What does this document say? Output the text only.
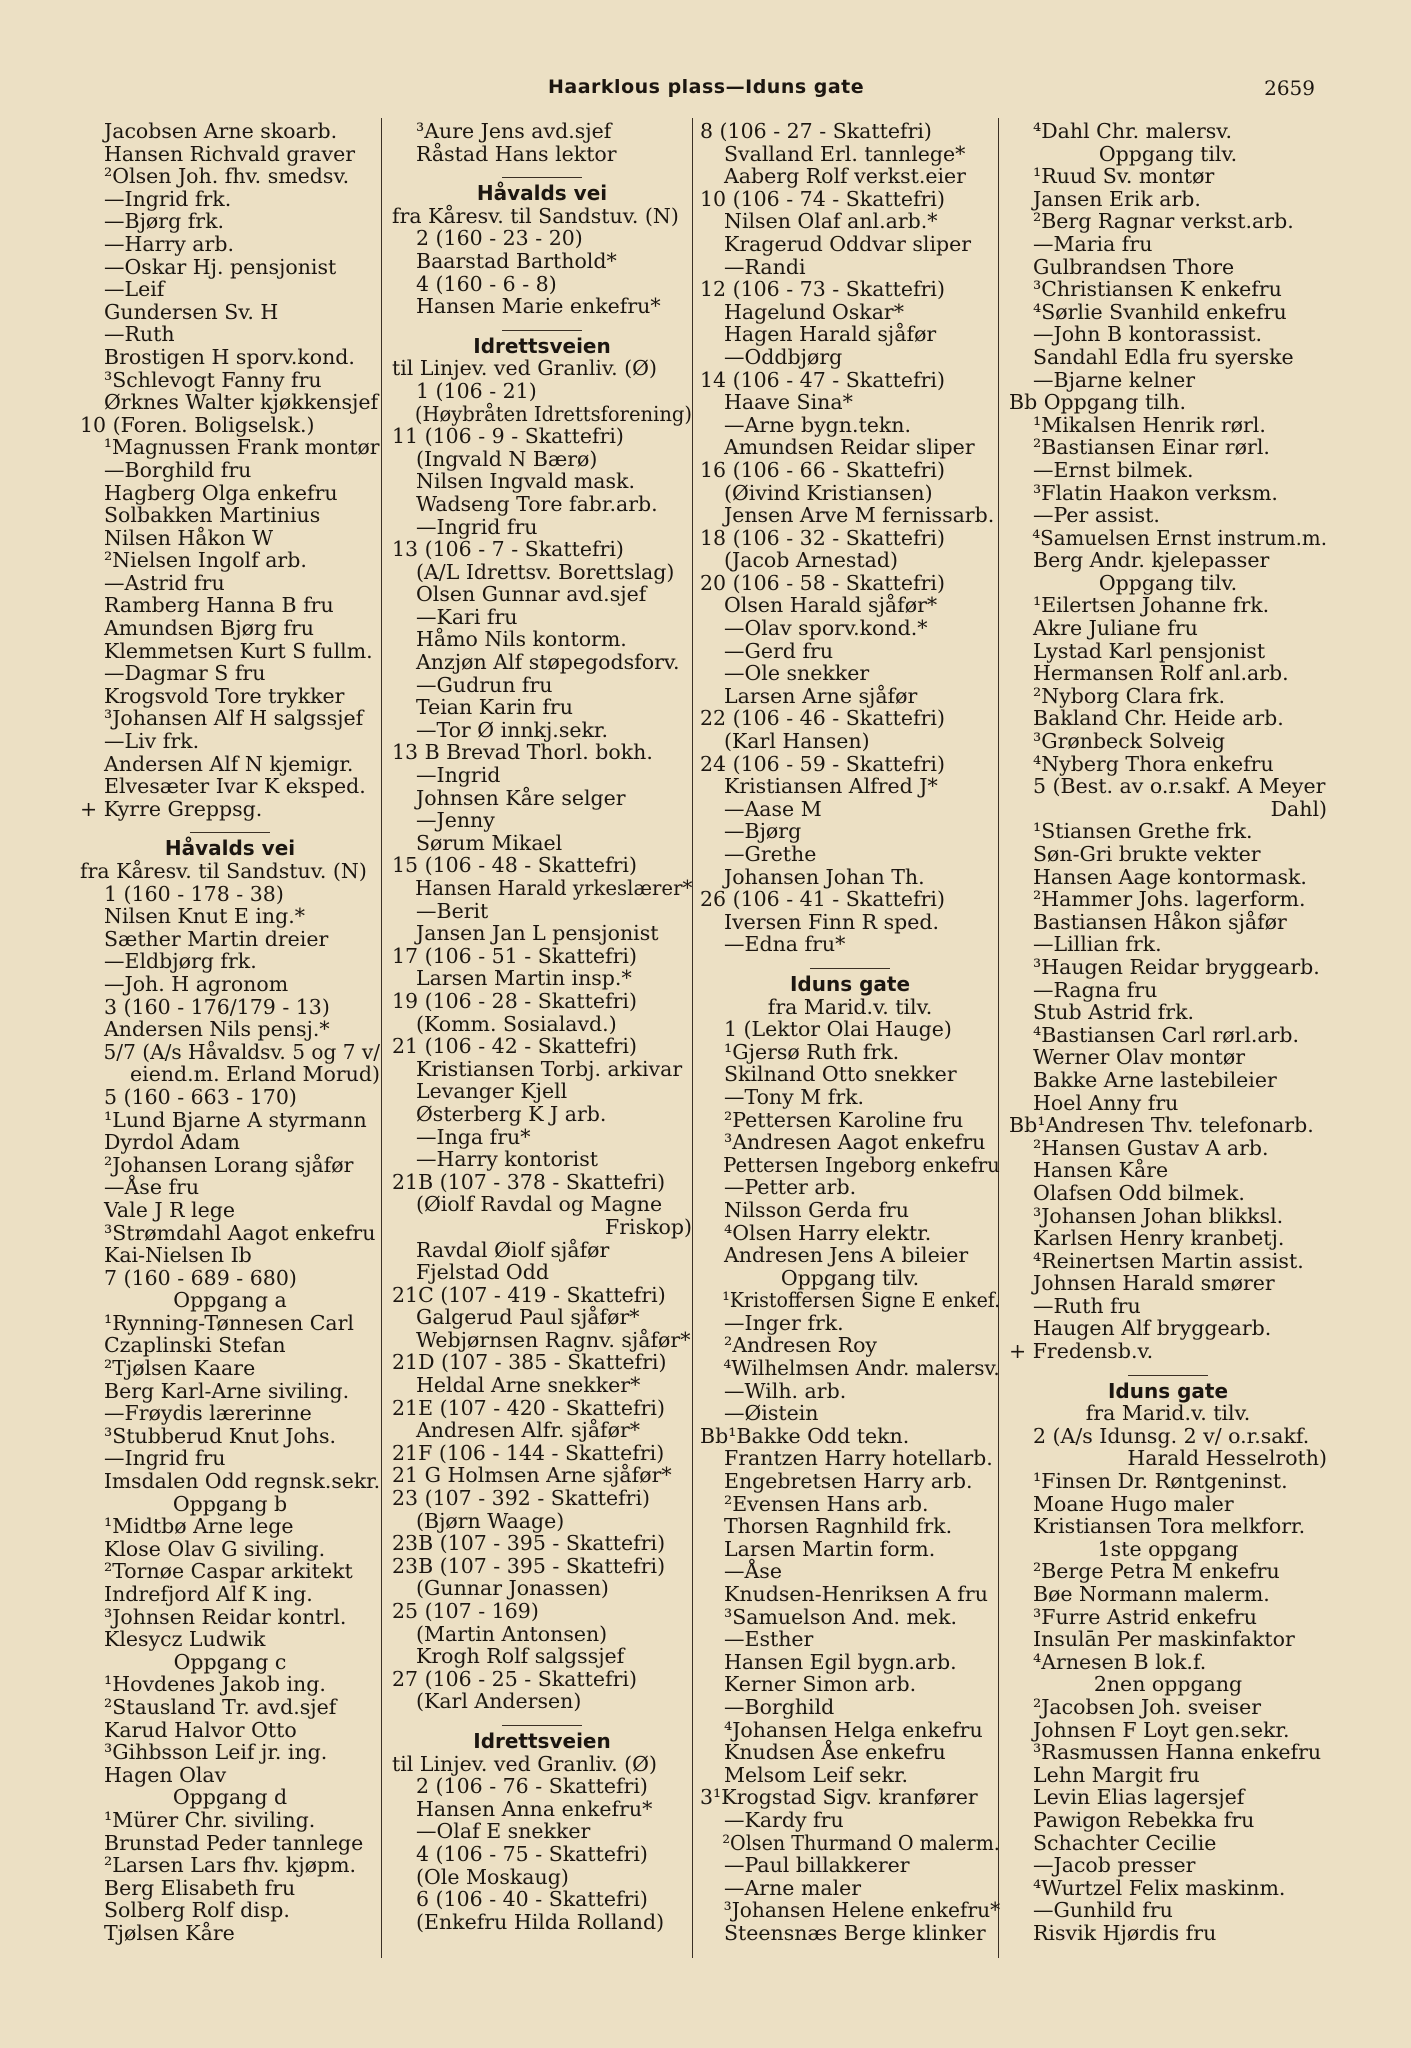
Haarklous plass—Iduns gate	2659
Jacobsen Arne skoarb.
Hansen Richvald graver
²Olsen Joh. fhv. smedsv.
—Ingrid frk.
—Bjørg frk.
—Harry arb.
—Oskar Hj. pensjonist
—Leif
Gundersen Sv. H
—Ruth
Brostigen H sporv.kond.
³Schlevogt Fanny fru
Ørknes Walter kjøkkensjef
10 (Foren. Boligselsk.)
¹Magnussen Frank montør
—Borghild fru
Hagberg Olga enkefru
Solbakken Martinius
Nilsen Håkon W
²Nielsen Ingolf arb.
—Astrid fru
Ramberg Hanna B fru
Amundsen Bjørg fru
Klemmetsen Kurt S fullm.
—Dagmar S fru
Krogsvold Tore trykker
³Johansen Alf H salgssjef
—Liv frk.
Andersen Alf N kjemigr.
Elvesæter Ivar K eksped.
+ Kyrre Greppsg.
Håvalds vei
fra Kåresv. til Sandstuv. (N)
1 (160 - 178 - 38)
Nilsen Knut E ing.*
Sæther Martin dreier
—Eldbjørg frk.
—Joh. H agronom
3 (160 - 176/179 - 13)
Andersen Nils pensj.*
5/7 (A/s Håvaldsv. 5 og 7 v/
eiend.m. Erland Morud)
5 (160 - 663 - 170)
¹Lund Bjarne A styrmann
Dyrdol Adam
²Johansen Lorang sjåfør
—Åse fru
Vale J R lege
³Strømdahl Aagot enkefru
Kai-Nielsen Ib
7 (160 - 689 - 680)
Oppgang a
¹Rynning-Tønnesen Carl
Czaplinski Stefan
²Tjølsen Kaare
Berg Karl-Arne siviling.
—Frøydis lærerinne
³Stubberud Knut Johs.
—Ingrid fru
Imsdalen Odd regnsk.sekr.
Oppgang b
¹Midtbø Arne lege
Klose Olav G siviling.
²Tornøe Caspar arkitekt
Indrefjord Alf K ing.
³Johnsen Reidar kontrl.
Klesycz Ludwik
Oppgang c
¹Hovdenes Jakob ing.
²Stausland Tr. avd.sjef
Karud Halvor Otto
³Gihbsson Leif jr. ing.
Hagen Olav
Oppgang d
¹Mürer Chr. siviling.
Brunstad Peder tannlege
²Larsen Lars fhv. kjøpm.
Berg Elisabeth fru
Solberg Rolf disp.
Tjølsen Kåre
³Aure Jens avd.sjef
Råstad Hans lektor
Håvalds vei
fra Kåresv. til Sandstuv. (N)
2 (160 - 23 - 20)
Baarstad Barthold*
4 (160 - 6 - 8)
Hansen Marie enkefru*
Idrettsveien
til Linjev. ved Granliv. (Ø)
1 (106 - 21)
(Høybråten Idrettsforening)
11 (106 - 9 - Skattefri)
(Ingvald N Bærø)
Nilsen Ingvald mask.
Wadseng Tore fabr.arb.
—Ingrid fru
13 (106 - 7 - Skattefri)
(A/L Idrettsv. Borettslag)
Olsen Gunnar avd.sjef
—Kari fru
Håmo Nils kontorm.
Anzjøn Alf støpegodsforv.
—Gudrun fru
Teian Karin fru
—Tor Ø innkj.sekr.
13 B Brevad Thorl. bokh.
—Ingrid
Johnsen Kåre selger
—Jenny
Sørum Mikael
15 (106 - 48 - Skattefri)
Hansen Harald yrkeslærer*
—Berit
Jansen Jan L pensjonist
17 (106 - 51 - Skattefri)
Larsen Martin insp.*
19 (106 - 28 - Skattefri)
(Komm. Sosialavd.)
21 (106 - 42 - Skattefri)
Kristiansen Torbj. arkivar
Levanger Kjell
Østerberg K J arb.
—Inga fru*
—Harry kontorist
21B (107 - 378 - Skattefri)
(Øiolf Ravdal og Magne
Friskop)
Ravdal Øiolf sjåfør
Fjelstad Odd
21C (107 - 419 - Skattefri)
Galgerud Paul sjåfør*
Webjørnsen Ragnv. sjåfør*
21D (107 - 385 - Skattefri)
Heldal Arne snekker*
21E (107 - 420 - Skattefri)
Andresen Alfr. sjåfør*
21F (106 - 144 - Skattefri)
21 G Holmsen Arne sjåfør*
23 (107 - 392 - Skattefri)
(Bjørn Waage)
23B (107 - 395 - Skattefri)
23B (107 - 395 - Skattefri)
(Gunnar Jonassen)
25 (107 - 169)
(Martin Antonsen)
Krogh Rolf salgssjef
27 (106 - 25 - Skattefri)
(Karl Andersen)
Idrettsveien
til Linjev. ved Granliv. (Ø)
2 (106 - 76 - Skattefri)
Hansen Anna enkefru*
—Olaf E snekker
4 (106 - 75 - Skattefri)
(Ole Moskaug)
6 (106 - 40 - Skattefri)
(Enkefru Hilda Rolland)
8 (106 - 27 - Skattefri)
Svalland Erl. tannlege*
Aaberg Rolf verkst.eier
10 (106 - 74 - Skattefri)
Nilsen Olaf anl.arb.*
Kragerud Oddvar sliper
—Randi
12 (106 - 73 - Skattefri)
Hagelund Oskar*
Hagen Harald sjåfør
—Oddbjørg
14 (106 - 47 - Skattefri)
Haave Sina*
—Arne bygn.tekn.
Amundsen Reidar sliper
16 (106 - 66 - Skattefri)
(Øivind Kristiansen)
Jensen Arve M fernissarb.
18 (106 - 32 - Skattefri)
(Jacob Arnestad)
20 (106 - 58 - Skattefri)
Olsen Harald sjåfør*
—Olav sporv.kond.*
—Gerd fru
—Ole snekker
Larsen Arne sjåfør
22 (106 - 46 - Skattefri)
(Karl Hansen)
24 (106 - 59 - Skattefri)
Kristiansen Alfred J*
—Aase M
—Bjørg
—Grethe
Johansen Johan Th.
26 (106 - 41 - Skattefri)
Iversen Finn R sped.
—Edna fru*
Iduns gate
fra Marid.v. tilv.
1 (Lektor Olai Hauge)
¹Gjersø Ruth frk.
Skilnand Otto snekker
—Tony M frk.
²Pettersen Karoline fru
³Andresen Aagot enkefru
Pettersen Ingeborg enkefru
—Petter arb.
Nilsson Gerda fru
⁴Olsen Harry elektr.
Andresen Jens A bileier
Oppgang tilv.
¹Kristoffersen Signe E enkef.
—Inger frk.
²Andresen Roy
⁴Wilhelmsen Andr. malersv.
—Wilh. arb.
—Øistein
Bb¹Bakke Odd tekn.
Frantzen Harry hotellarb.
Engebretsen Harry arb.
²Evensen Hans arb.
Thorsen Ragnhild frk.
Larsen Martin form.
—Åse
Knudsen-Henriksen A fru
³Samuelson And. mek.
—Esther
Hansen Egil bygn.arb.
Kerner Simon arb.
—Borghild
⁴Johansen Helga enkefru
Knudsen Åse enkefru
Melsom Leif sekr.
3¹Krogstad Sigv. kranfører
—Kardy fru
²Olsen Thurmand O malerm.
—Paul billakkerer
—Arne maler
³Johansen Helene enkefru*
Steensnæs Berge klinker
⁴Dahl Chr. malersv.
Oppgang tilv.
¹Ruud Sv. montør
Jansen Erik arb.
²Berg Ragnar verkst.arb.
—Maria fru
Gulbrandsen Thore
³Christiansen K enkefru
⁴Sørlie Svanhild enkefru
—John B kontorassist.
Sandahl Edla fru syerske
—Bjarne kelner
Bb Oppgang tilh.
¹Mikalsen Henrik rørl.
²Bastiansen Einar rørl.
—Ernst bilmek.
³Flatin Haakon verksm.
—Per assist.
⁴Samuelsen Ernst instrum.m.
Berg Andr. kjelepasser
Oppgang tilv.
¹Eilertsen Johanne frk.
Akre Juliane fru
Lystad Karl pensjonist
Hermansen Rolf anl.arb.
²Nyborg Clara frk.
Bakland Chr. Heide arb.
³Grønbeck Solveig
⁴Nyberg Thora enkefru
5 (Best. av o.r.sakf. A Meyer
Dahl)
¹Stiansen Grethe frk.
Søn-Gri brukte vekter
Hansen Aage kontormask.
²Hammer Johs. lagerform.
Bastiansen Håkon sjåfør
—Lillian frk.
³Haugen Reidar bryggearb.
—Ragna fru
Stub Astrid frk.
⁴Bastiansen Carl rørl.arb.
Werner Olav montør
Bakke Arne lastebileier
Hoel Anny fru
Bb¹Andresen Thv. telefonarb.
²Hansen Gustav A arb.
Hansen Kåre
Olafsen Odd bilmek.
³Johansen Johan blikksl.
Karlsen Henry kranbetj.
⁴Reinertsen Martin assist.
Johnsen Harald smører
—Ruth fru
Haugen Alf bryggearb.
+ Fredensb.v.
Iduns gate
fra Marid.v. tilv.
2 (A/s Idunsg. 2 v/ o.r.sakf.
Harald Hesselroth)
¹Finsen Dr. Røntgeninst.
Moane Hugo maler
Kristiansen Tora melkforr.
1ste oppgang
²Berge Petra M enkefru
Bøe Normann malerm.
³Furre Astrid enkefru
Insulān Per maskinfaktor
⁴Arnesen B lok.f.
2nen oppgang
²Jacobsen Joh. sveiser
Johnsen F Loyt gen.sekr.
³Rasmussen Hanna enkefru
Lehn Margit fru
Levin Elias lagersjef
Pawigon Rebekka fru
Schachter Cecilie
—Jacob presser
⁴Wurtzel Felix maskinm.
—Gunhild fru
Risvik Hjørdis fru
